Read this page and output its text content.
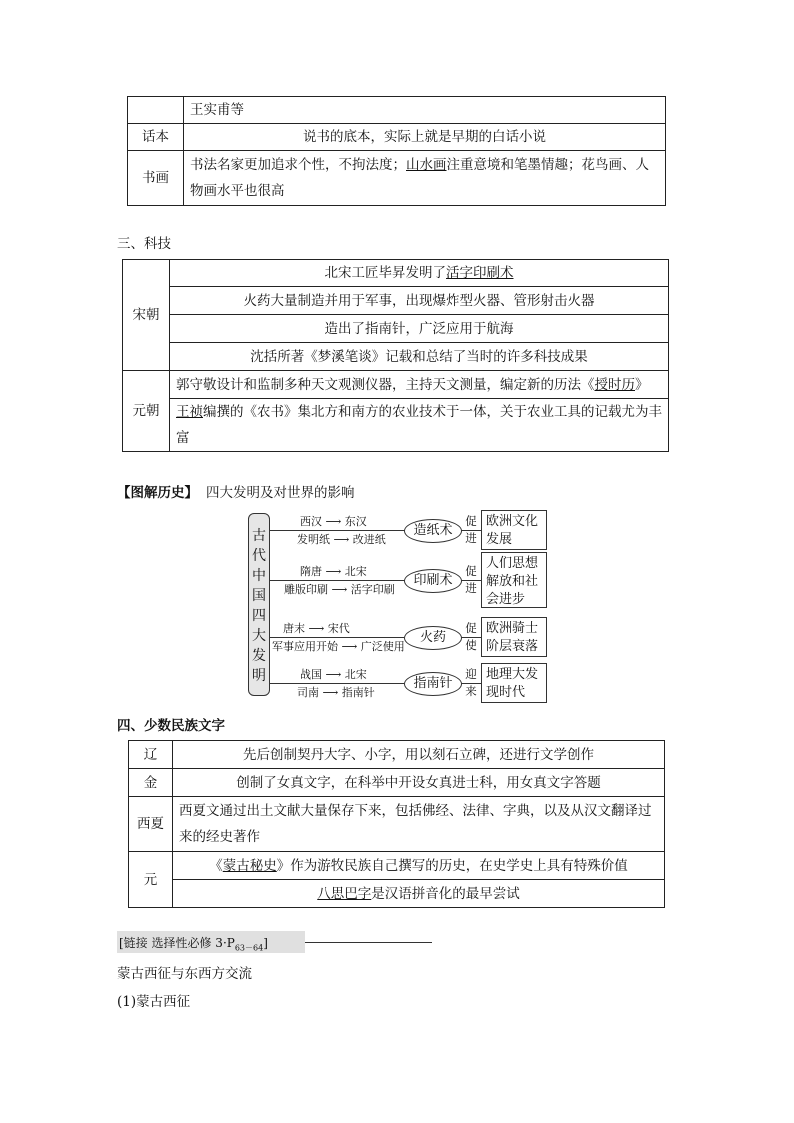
	王实甫等
话本	说书的底本，实际上就是早期的白话小说
书画	书法名家更加追求个性，不拘法度；山水画注重意境和笔墨情趣；花鸟画、人物画水平也很高
三、科技
宋朝	北宋工匠毕昇发明了活字印刷术
	火药大量制造并用于军事，出现爆炸型火器、管形射击火器
	造出了指南针，广泛应用于航海
	沈括所著《梦溪笔谈》记载和总结了当时的许多科技成果
元朝	郭守敬设计和监制多种天文观测仪器，主持天文测量，编定新的历法《授时历》
	王祯编撰的《农书》集北方和南方的农业技术于一体，关于农业工具的记载尤为丰富
【图解历史】 四大发明及对世界的影响
古
代
中
国
四
大
发
明
西汉 ⟶ 东汉
发明纸 ⟶ 改进纸
造纸术
促
进
欧洲文化发展
隋唐 ⟶ 北宋
雕版印刷 ⟶ 活字印刷
印刷术
促
进
人们思想解放和社会进步
唐末 ⟶ 宋代
军事应用开始 ⟶ 广泛使用
火药
促
使
欧洲骑士阶层衰落
战国 ⟶ 北宋
司南 ⟶ 指南针
指南针
迎
来
地理大发现时代
四、少数民族文字
辽	先后创制契丹大字、小字，用以刻石立碑，还进行文学创作
金	创制了女真文字，在科举中开设女真进士科，用女真文字答题
西夏	西夏文通过出土文献大量保存下来，包括佛经、法律、字典，以及从汉文翻译过来的经史著作
元	《蒙古秘史》作为游牧民族自己撰写的历史，在史学史上具有特殊价值
	八思巴字是汉语拼音化的最早尝试
[链接 选择性必修 $3\cdot P_{63-64}$]
蒙古西征与东西方交流
(1)蒙古西征
